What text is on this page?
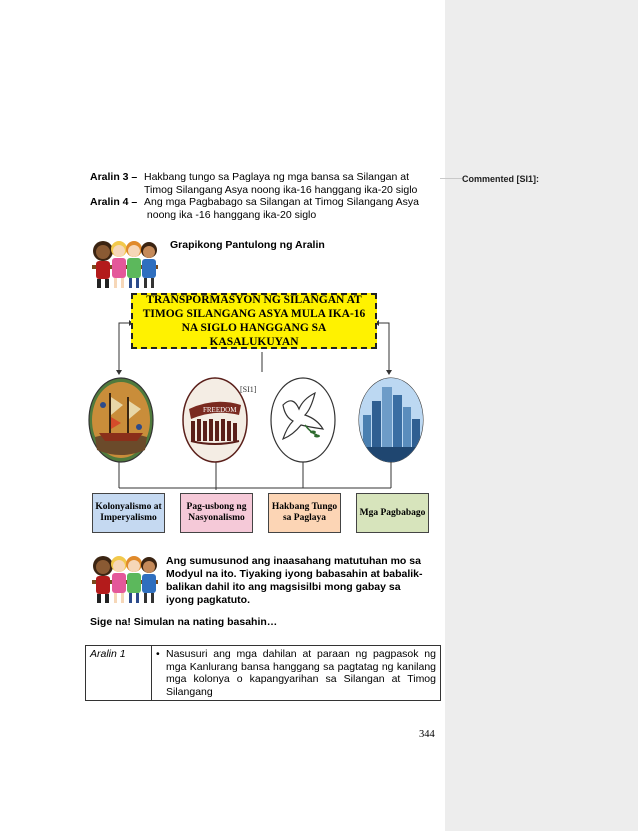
Commented [SI1]:
Aralin 3 – Hakbang tungo sa Paglaya ng mga bansa sa Silangan at
Timog Silangang Asya noong ika-16 hanggang ika-20 siglo
Aralin 4 – Ang mga Pagbabago sa Silangan at Timog Silangang Asya
noong ika -16 hanggang ika-20 siglo
Grapikong Pantulong ng Aralin
TRANSPORMASYON NG SILANGAN AT TIMOG SILANGANG ASYA MULA IKA-16 NA SIGLO HANGGANG SA KASALUKUYAN
[SI1]
FREEDOM
Kolonyalismo at Imperyalismo
Pag-usbong ng Nasyonalismo
Hakbang Tungo sa Paglaya
Mga Pagbabago
Ang sumusunod ang inaasahang matutuhan mo sa Modyul na ito. Tiyaking iyong babasahin at babalik-balikan dahil ito ang magsisilbi mong gabay sa iyong pagkatuto.
Sige na! Simulan na nating basahin…
Aralin 1	• Nasusuri ang mga dahilan at paraan ng pagpasok ng mga Kanlurang bansa hanggang sa pagtatag ng kanilang mga kolonya o kapangyarihan sa Silangan at Timog Silangang
344
